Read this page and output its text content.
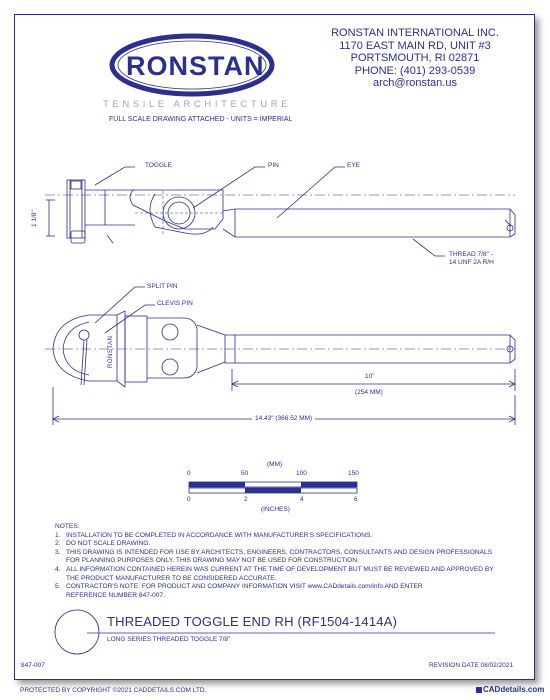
RONSTAN
TENSILE ARCHITECTURE
RONSTAN INTERNATIONAL INC.
1170 EAST MAIN RD, UNIT #3
PORTSMOUTH, RI 02871
PHONE: (401) 293-0539
arch@ronstan.us
FULL SCALE DRAWING ATTACHED - UNITS = IMPERIAL
TOGGLE	PIN	EYE
1 1/8"
THREAD 7/8" -
14 UNF 2A R/H
SPLIT PIN
CLEVIS PIN
RONSTAN
10"
(254 MM)
14.43" (366.52 MM)
(MM)
0	50	100	150
0	2	4	6
(INCHES)
NOTES:
1. INSTALLATION TO BE COMPLETED IN ACCORDANCE WITH MANUFACTURER'S SPECIFICATIONS.
2. DO NOT SCALE DRAWING.
3. THIS DRAWING IS INTENDED FOR USE BY ARCHITECTS, ENGINEERS, CONTRACTORS, CONSULTANTS AND DESIGN PROFESSIONALS
FOR PLANNING PURPOSES ONLY. THIS DRAWING MAY NOT BE USED FOR CONSTRUCTION.
4. ALL INFORMATION CONTAINED HEREIN WAS CURRENT AT THE TIME OF DEVELOPMENT BUT MUST BE REVIEWED AND APPROVED BY
THE PRODUCT MANUFACTURER TO BE CONSIDERED ACCURATE.
5. CONTRACTOR'S NOTE: FOR PRODUCT AND COMPANY INFORMATION VISIT www.CADdetails.com/info AND ENTER
REFERENCE NUMBER 847-007.
THREADED TOGGLE END RH (RF1504-1414A)
LONG SERIES THREADED TOGGLE 7/8"
847-007	REVISION DATE 08/02/2021
PROTECTED BY COPYRIGHT ©2021 CADDETAILS.COM LTD.	CADdetails.com
